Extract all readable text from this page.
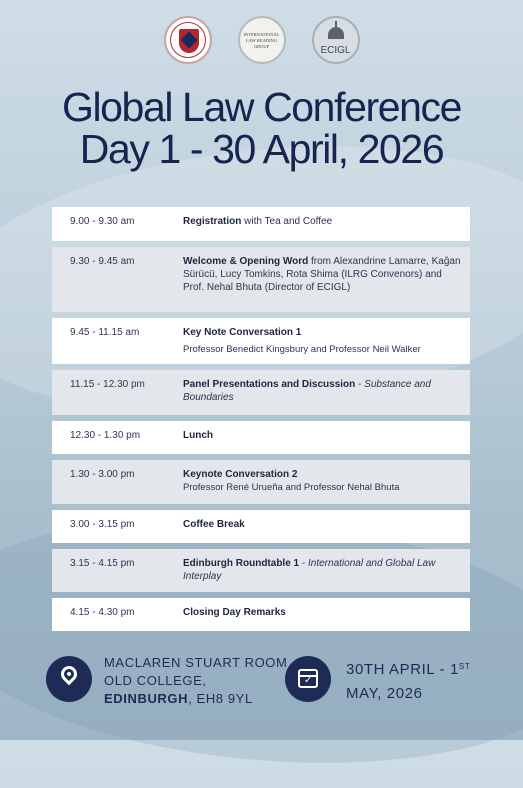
INTERNATIONAL LAW READING GROUP	ECIGL
Global Law Conference
Day 1 - 30 April, 2026
9.00 - 9.30 am	Registration with Tea and Coffee
9.30 - 9.45 am	Welcome & Opening Word from Alexandrine Lamarre, Kağan Sürücü, Lucy Tomkins, Rota Shima (ILRG Convenors) and Prof. Nehal Bhuta (Director of ECIGL)
9.45 - 11.15 am	Key Note Conversation 1
Professor Benedict Kingsbury and Professor Neil Walker
11.15 - 12.30 pm	Panel Presentations and Discussion - Substance and Boundaries
12.30 - 1.30 pm	Lunch
1.30 - 3.00 pm	Keynote Conversation 2
Professor René Urueña and Professor Nehal Bhuta
3.00 - 3.15 pm	Coffee Break
3.15 - 4.15 pm	Edinburgh Roundtable 1 - International and Global Law Interplay
4.15 - 4.30 pm	Closing Day Remarks
MACLAREN STUART ROOM
OLD COLLEGE,
EDINBURGH, EH8 9YL
✓
30TH APRIL - 1ST
MAY, 2026
